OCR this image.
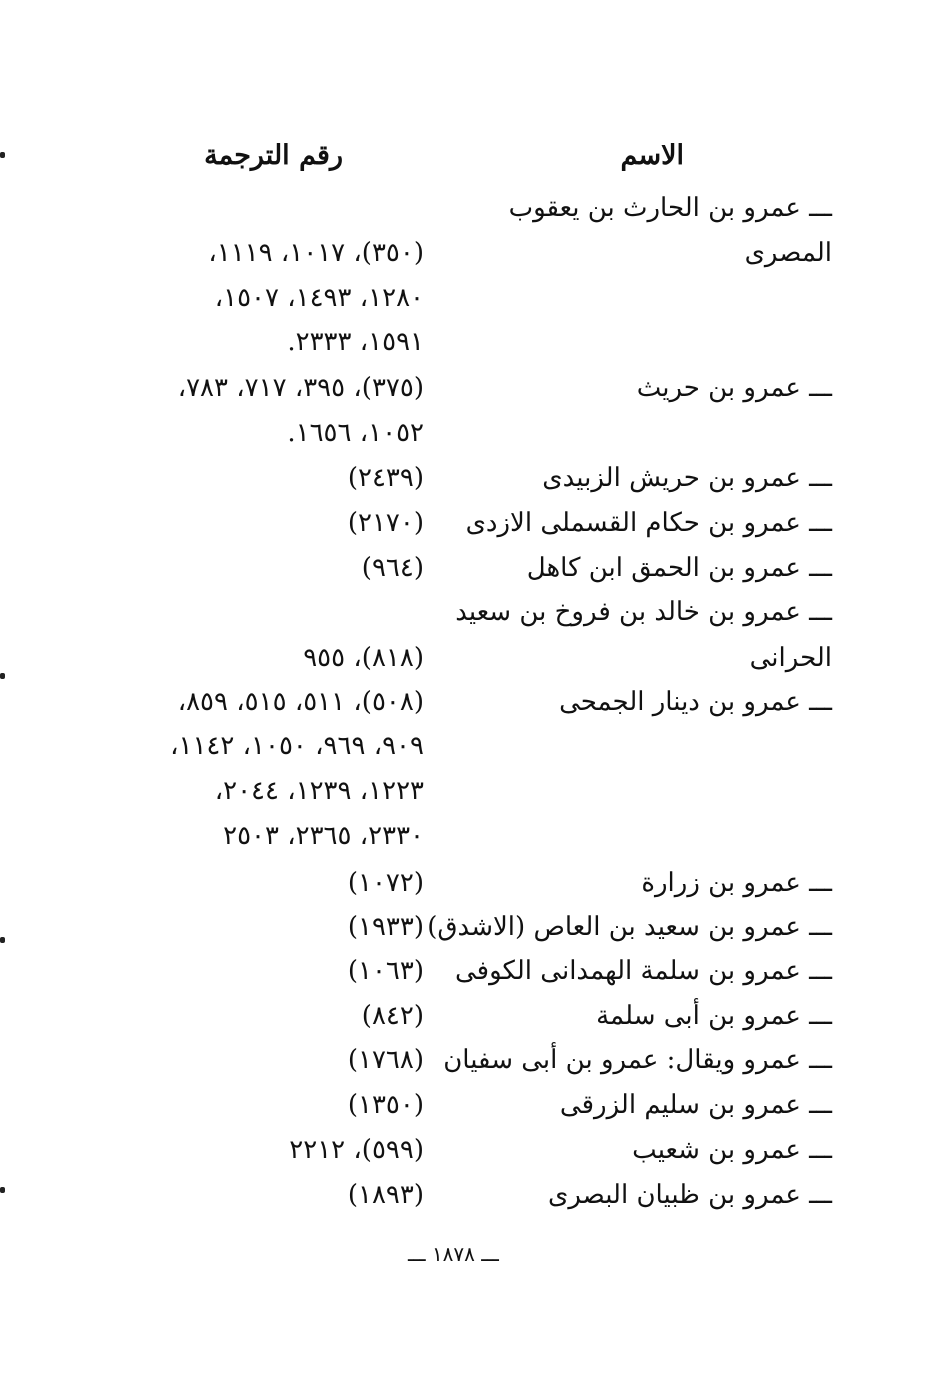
الاسم
رقم الترجمة
ـــ عمرو بن الحارث بن يعقوب
المصرى
(٣٥٠)، ١٠١٧، ١١١٩،
١٢٨٠، ١٤٩٣، ١٥٠٧،
١٥٩١، ٢٣٣٣.
ـــ عمرو بن حريث
(٣٧٥)، ٣٩٥، ٧١٧، ٧٨٣،
١٠٥٢، ١٦٥٦.
ـــ عمرو بن حريش الزبيدى
(٢٤٣٩)
ـــ عمرو بن حكام القسملى الازدى
(٢١٧٠)
ـــ عمرو بن الحمق ابن كاهل
(٩٦٤)
ـــ عمرو بن خالد بن فروخ بن سعيد
الحرانى
(٨١٨)، ٩٥٥
ـــ عمرو بن دينار الجمحى
(٥٠٨)، ٥١١، ٥١٥، ٨٥٩،
٩٠٩، ٩٦٩، ١٠٥٠، ١١٤٢،
١٢٢٣، ١٢٣٩، ٢٠٤٤،
٢٣٣٠، ٢٣٦٥، ٢٥٠٣
ـــ عمرو بن زرارة
(١٠٧٢)
ـــ عمرو بن سعيد بن العاص (الاشدق)
(١٩٣٣)
ـــ عمرو بن سلمة الهمدانى الكوفى
(١٠٦٣)
ـــ عمرو بن أبى سلمة
(٨٤٢)
ـــ عمرو ويقال: عمرو بن أبى سفيان
(١٧٦٨)
ـــ عمرو بن سليم الزرقى
(١٣٥٠)
ـــ عمرو بن شعيب
(٥٩٩)، ٢٢١٢
ـــ عمرو بن ظبيان البصرى
(١٨٩٣)
ـــ ١٨٧٨ ـــ
